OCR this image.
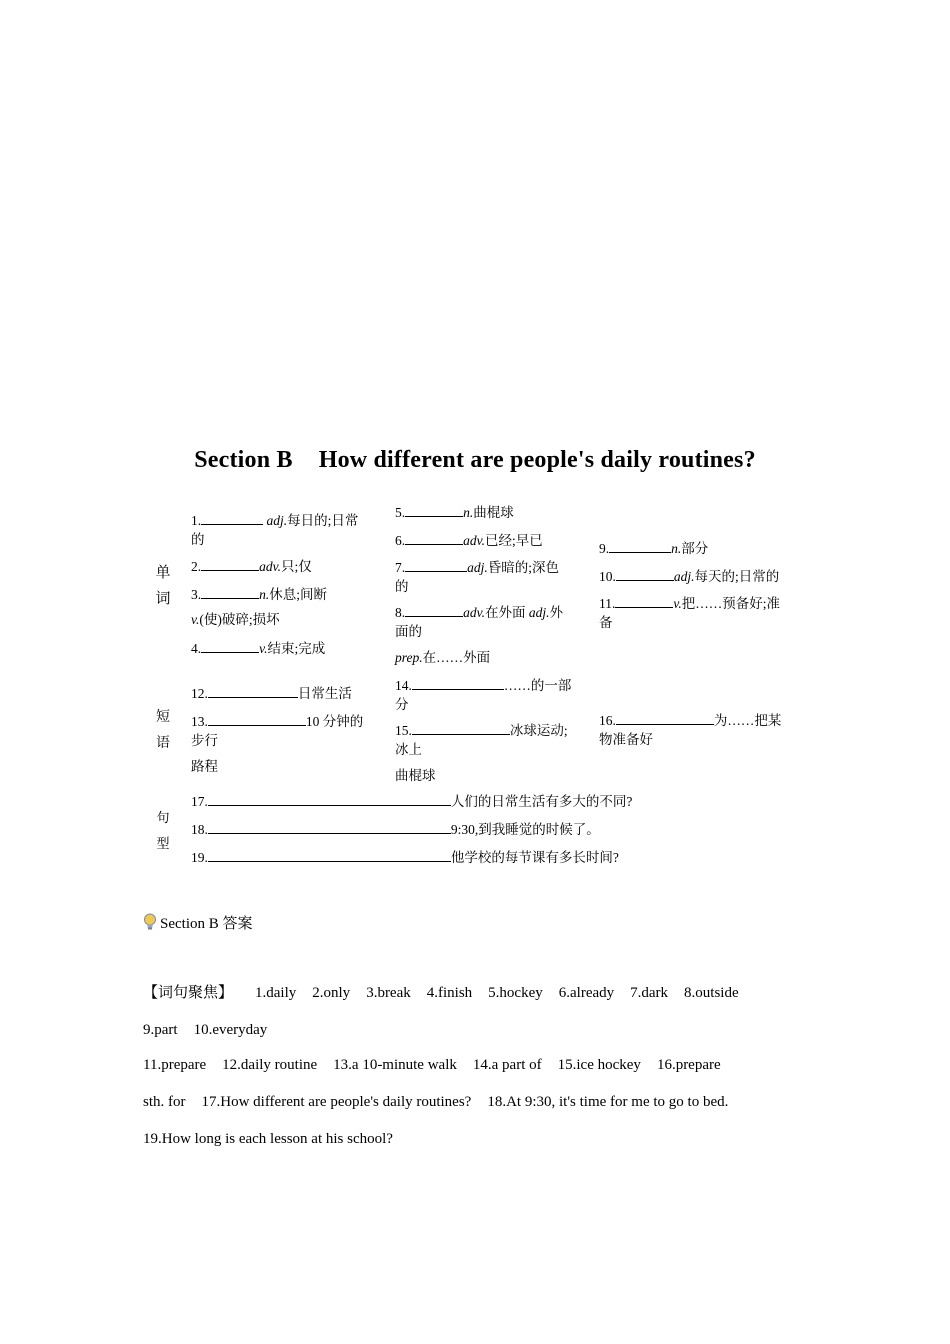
Section B How different are people's daily routines?
单
词
短
语
句
型
1.	adj.每日的;日常
的
2.	adv.只;仅
3.	n.休息;间断
v.(使)破碎;损坏
4.	v.结束;完成
5.	n.曲棍球
6.	adv.已经;早已
7.	adj.昏暗的;深色
的
8.	adv.在外面 adj.外
面的
prep.在……外面
9.	n.部分
10.	adj.每天的;日常的
11.	v.把……预备好;准
备
12.	日常生活
13.	10 分钟的
步行
路程
14.	……的一部
分
15.	冰球运动;
冰上
曲棍球
16.	为……把某
物准备好
17.	人们的日常生活有多大的不同?
18.	9:30,到我睡觉的时候了。
19.	他学校的每节课有多长时间?
Section B 答案
【词句聚焦】 1.daily 2.only 3.break 4.finish 5.hockey 6.already 7.dark 8.outside
9.part 10.everyday
11.prepare 12.daily routine 13.a 10-minute walk 14.a part of 15.ice hockey 16.prepare
sth. for 17.How different are people's daily routines? 18.At 9:30, it's time for me to go to bed.
19.How long is each lesson at his school?
